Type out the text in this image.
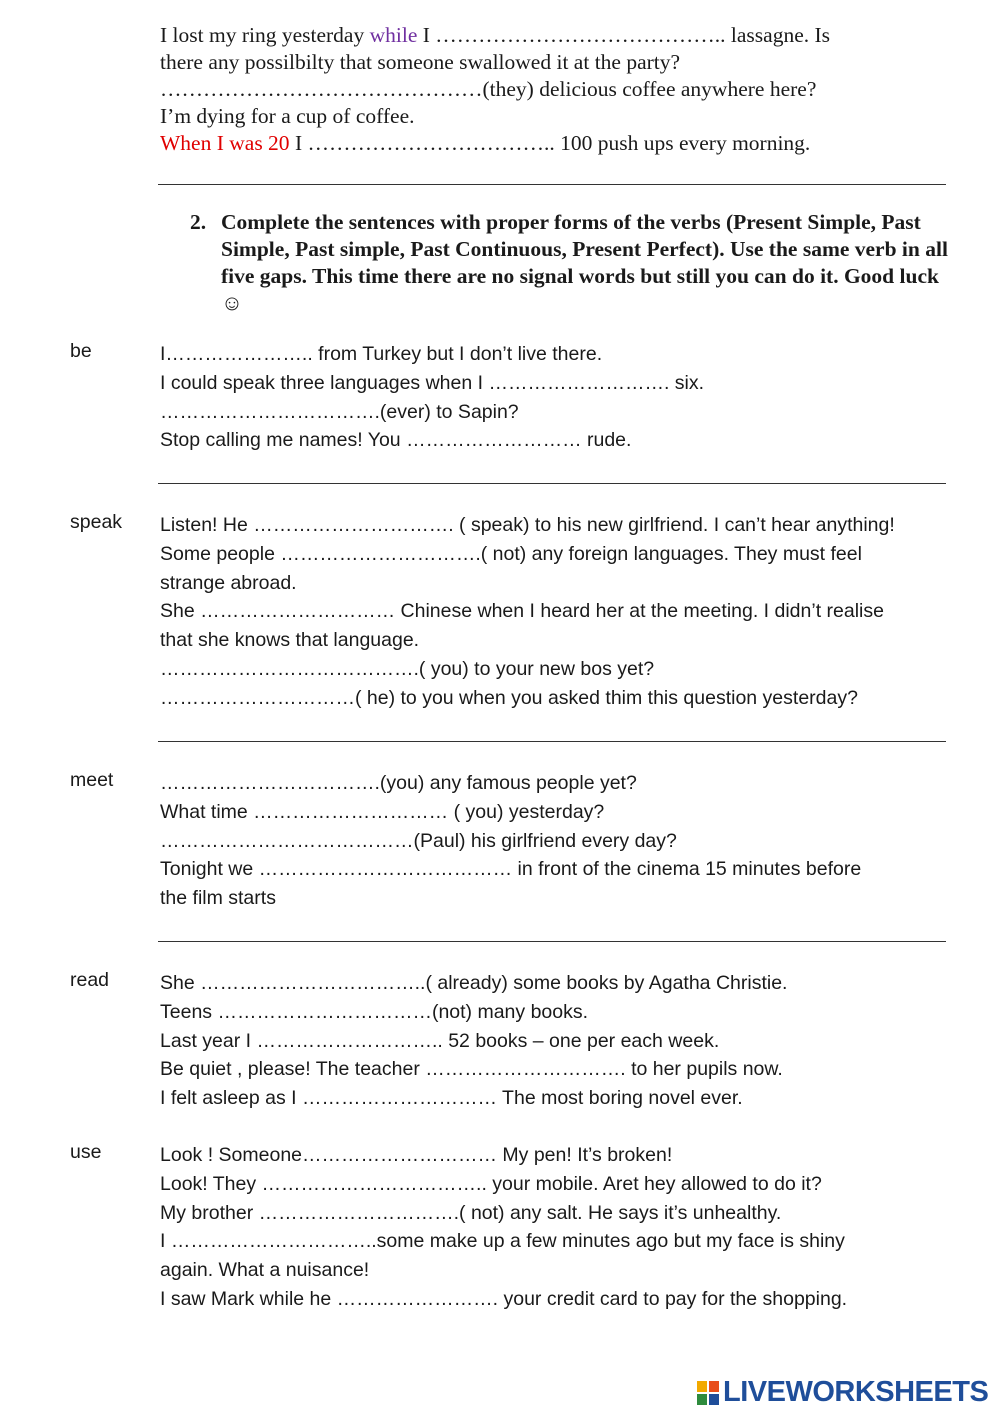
I lost my ring yesterday while I ………………………………….. lassagne. Is

there any possilbilty that someone swallowed it at the party?

………………………………………(they) delicious coffee anywhere here?

I’m dying for a cup of coffee.

When I was 20 I …………………………….. 100 push ups every morning.

2. Complete the sentences with proper forms of the verbs (Present Simple, Past Simple, Past simple, Past Continuous, Present Perfect). Use the same verb in all five gaps. This time there are no signal words but still you can do it. Good luck ☺
be	I………………….. from Turkey but I don’t live there.

I could speak three languages when I ………………………. six.

…………………………….(ever) to Sapin?

Stop calling me names! You ……………………… rude.

speak Listen! He …………………………. ( speak) to his new girlfriend. I can’t hear anything!

Some people ………………………….( not) any foreign languages. They must feel

strange abroad.

She ………………………… Chinese when I heard her at the meeting. I didn’t realise

that she knows that language.

………………………………….( you) to your new bos yet?

…………………………( he) to you when you asked thim this question yesterday?

meet …………………………….(you) any famous people yet?

What time ………………………… ( you) yesterday?

…………………………………(Paul) his girlfriend every day?

Tonight we ………………………………… in front of the cinema 15 minutes before

the film starts

read	She ……………………………..( already) some books by Agatha Christie.

Teens ……………………………(not) many books.

Last year I ……………………….. 52 books – one per each week.

Be quiet , please! The teacher …………………………. to her pupils now.

I felt asleep as I ………………………… The most boring novel ever.

use	Look ! Someone………………………… My pen! It’s broken!

Look! They …………………………….. your mobile. Aret hey allowed to do it?

My brother ………………………….( not) any salt. He says it’s unhealthy.

I …………………………..some make up a few minutes ago but my face is shiny

again. What a nuisance!

I saw Mark while he ……………………. your credit card to pay for the shopping.

LIVEWORKSHEETS
